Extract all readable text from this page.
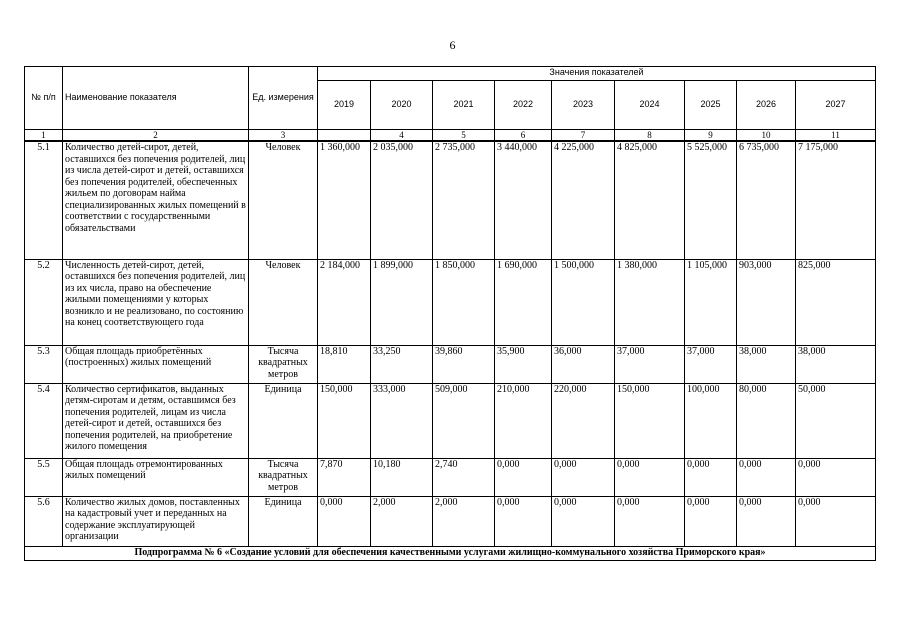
6
№ п/п	Наименование показателя	Ед. измерения	Значения показателей								
			2019	2020	2021	2022	2023	2024	2025	2026	2027
1	2	3		4	5	6	7	8	9	10	11
5.1	Количество детей-сирот, детей, оставшихся без попечения родителей, лиц из числа детей-сирот и детей, оставшихся без попечения родителей, обеспеченных жильем по договорам найма специализированных жилых помещений в соответствии с государственными обязательствами	Человек	1 360,000	2 035,000	2 735,000	3 440,000	4 225,000	4 825,000	5 525,000	6 735,000	7 175,000
5.2	Численность детей-сирот, детей, оставшихся без попечения родителей, лиц из их числа, право на обеспечение жилыми помещениями у которых возникло и не реализовано, по состоянию на конец соответствующего года	Человек	2 184,000	1 899,000	1 850,000	1 690,000	1 500,000	1 380,000	1 105,000	903,000	825,000
5.3	Общая площадь приобретённых (построенных) жилых помещений	Тысяча квадратных метров	18,810	33,250	39,860	35,900	36,000	37,000	37,000	38,000	38,000
5.4	Количество сертификатов, выданных детям-сиротам и детям, оставшимся без попечения родителей, лицам из числа детей-сирот и детей, оставшихся без попечения родителей, на приобретение жилого помещения	Единица	150,000	333,000	509,000	210,000	220,000	150,000	100,000	80,000	50,000
5.5	Общая площадь отремонтированных жилых помещений	Тысяча квадратных метров	7,870	10,180	2,740	0,000	0,000	0,000	0,000	0,000	0,000
5.6	Количество жилых домов, поставленных на кадастровый учет и переданных на содержание эксплуатирующей организации	Единица	0,000	2,000	2,000	0,000	0,000	0,000	0,000	0,000	0,000
Подпрограмма № 6 «Создание условий для обеспечения качественными услугами жилищно-коммунального хозяйства Приморского края»											
